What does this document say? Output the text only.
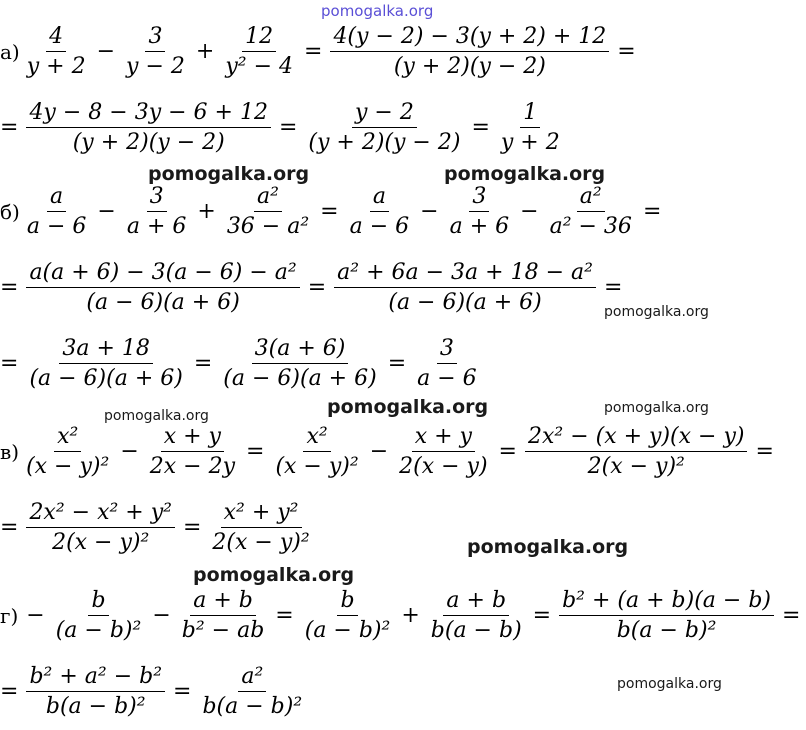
pomogalka.org
pomogalka.org	pomogalka.org
pomogalka.org
pomogalka.org	pomogalka.org	pomogalka.org
pomogalka.org
pomogalka.org
pomogalka.org
$а) \frac{4}{y + 2} - \frac{3}{y - 2} + \frac{12}{\text{y² − 4}} = \frac{4(y - 2) - 3(y + 2) + 12}{(y + 2)(y - 2)}$ =
= $\frac{4y - 8 - 3y - 6 + 12}{(y + 2)(y - 2)} = \frac{y - 2}{(y + 2)(y - 2)} = \frac{1}{y + 2}$
$б) \frac{a}{a - 6} - \frac{3}{a + 6} + \frac{\text{a²}}{\text{36 − a²}} = \frac{a}{a - 6} - \frac{3}{a + 6} - \frac{\text{a²}}{\text{a² − 36}}$ =
= $\frac{\text{a(a + 6) − 3(a − 6) − a²}}{(a - 6)(a + 6)} = \frac{\text{a² + 6a − 3a + 18 − a²}}{(a - 6)(a + 6)}$ =
= $\frac{3a + 18}{(a - 6)(a + 6)} = \frac{3(a + 6)}{(a - 6)(a + 6)} = \frac{3}{a - 6}$
$в) \frac{\text{x²}}{\text{(x − y)²}} - \frac{x + y}{2x - 2y} = \frac{\text{x²}}{\text{(x − y)²}} - \frac{x + y}{2(x - y)} = \frac{\text{2x² − (x + y)(x − y)}}{\text{2(x − y)²}}$ =
= $\frac{\text{2x² − x² + y²}}{\text{2(x − y)²}} = \frac{\text{x² + y²}}{\text{2(x − y)²}}$
$г) - \frac{b}{\text{(a − b)²}} - \frac{a + b}{\text{b² − ab}} = \frac{b}{\text{(a − b)²}} + \frac{a + b}{b(a - b)} = \frac{\text{b² + (a + b)(a − b)}}{\text{b(a − b)²}}$ =
= $\frac{\text{b² + a² − b²}}{\text{b(a − b)²}} = \frac{\text{a²}}{\text{b(a − b)²}}$
